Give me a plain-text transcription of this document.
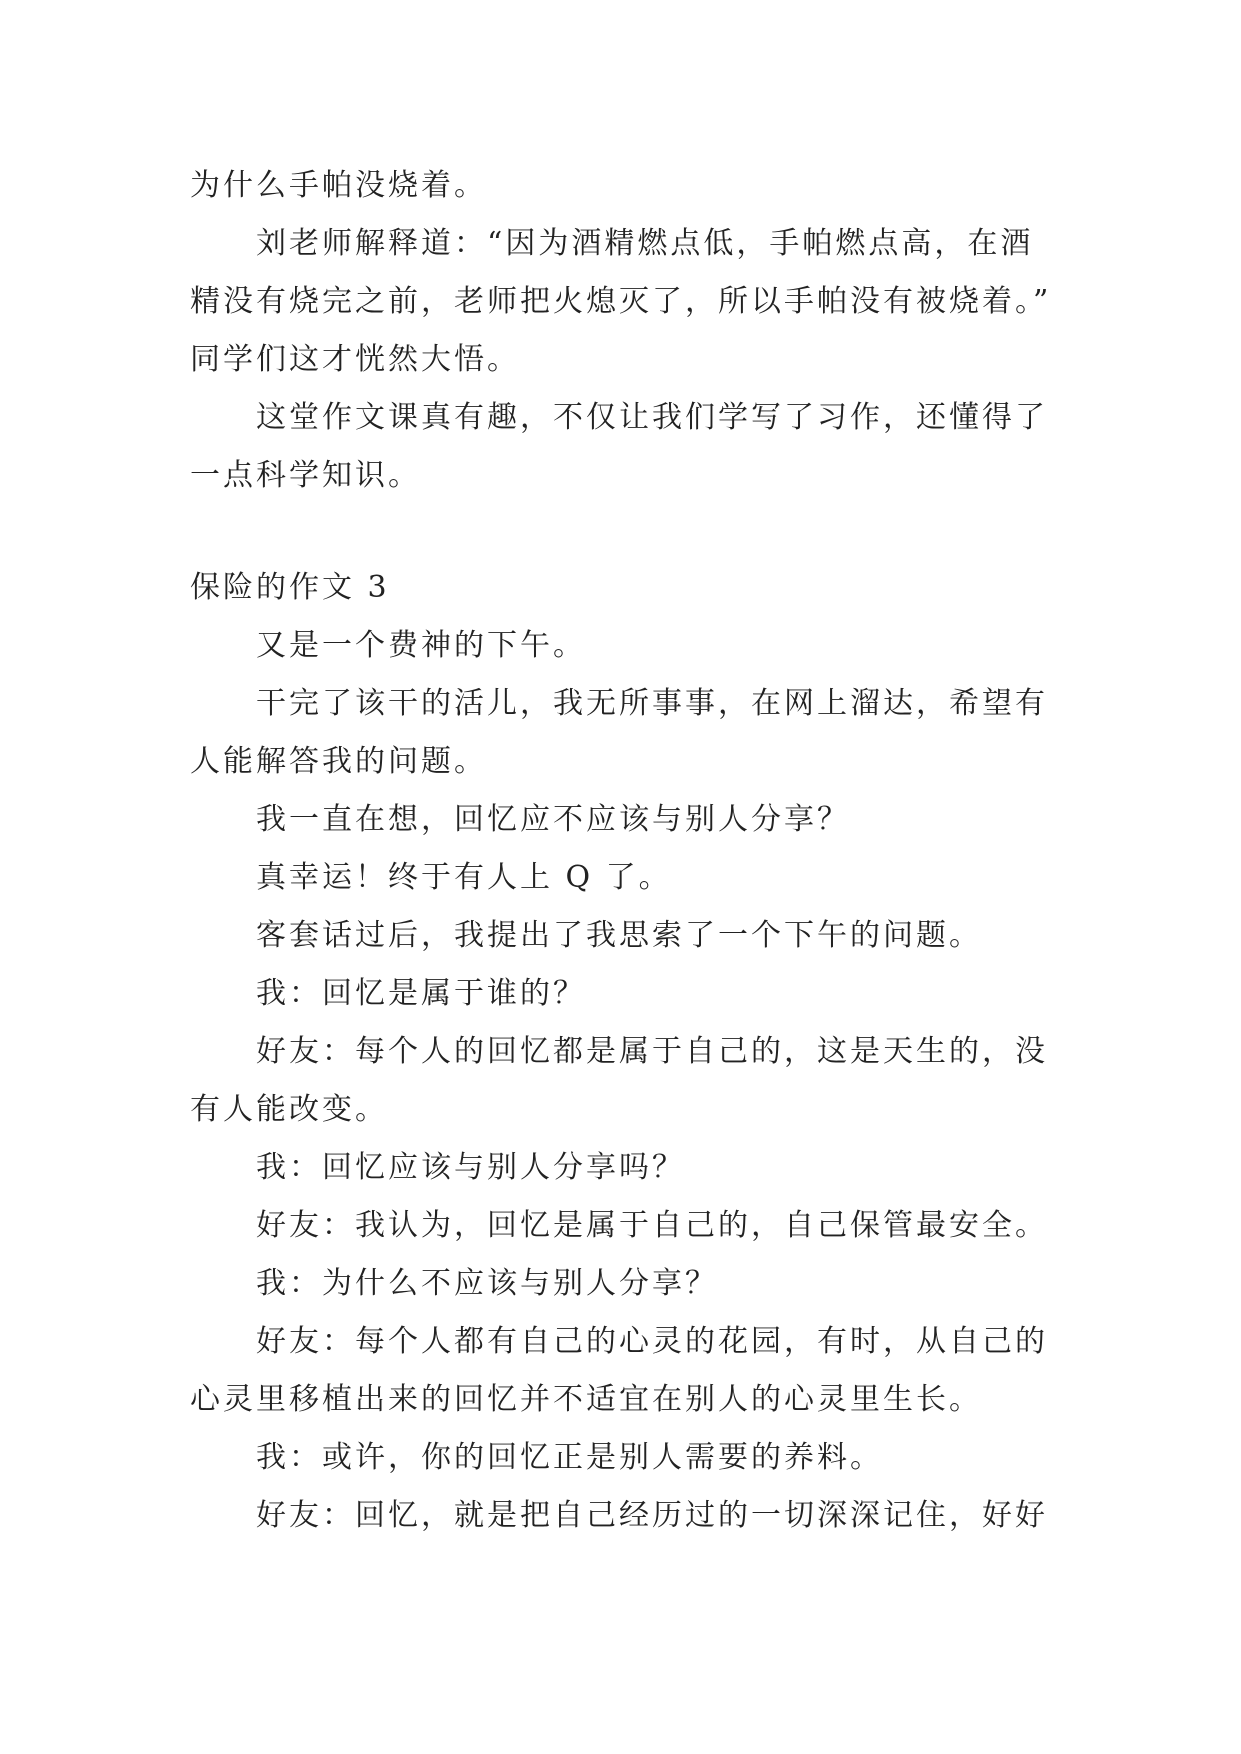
为什么手帕没烧着。
刘老师解释道：“因为酒精燃点低，手帕燃点高，在酒
精没有烧完之前，老师把火熄灭了，所以手帕没有被烧着。”
同学们这才恍然大悟。
这堂作文课真有趣，不仅让我们学写了习作，还懂得了
一点科学知识。
保险的作文 3
又是一个费神的下午。
干完了该干的活儿，我无所事事，在网上溜达，希望有
人能解答我的问题。
我一直在想，回忆应不应该与别人分享？
真幸运！终于有人上 Q 了。
客套话过后，我提出了我思索了一个下午的问题。
我：回忆是属于谁的？
好友：每个人的回忆都是属于自己的，这是天生的，没
有人能改变。
我：回忆应该与别人分享吗？
好友：我认为，回忆是属于自己的，自己保管最安全。
我：为什么不应该与别人分享？
好友：每个人都有自己的心灵的花园，有时，从自己的
心灵里移植出来的回忆并不适宜在别人的心灵里生长。
我：或许，你的回忆正是别人需要的养料。
好友：回忆，就是把自己经历过的一切深深记住，好好
